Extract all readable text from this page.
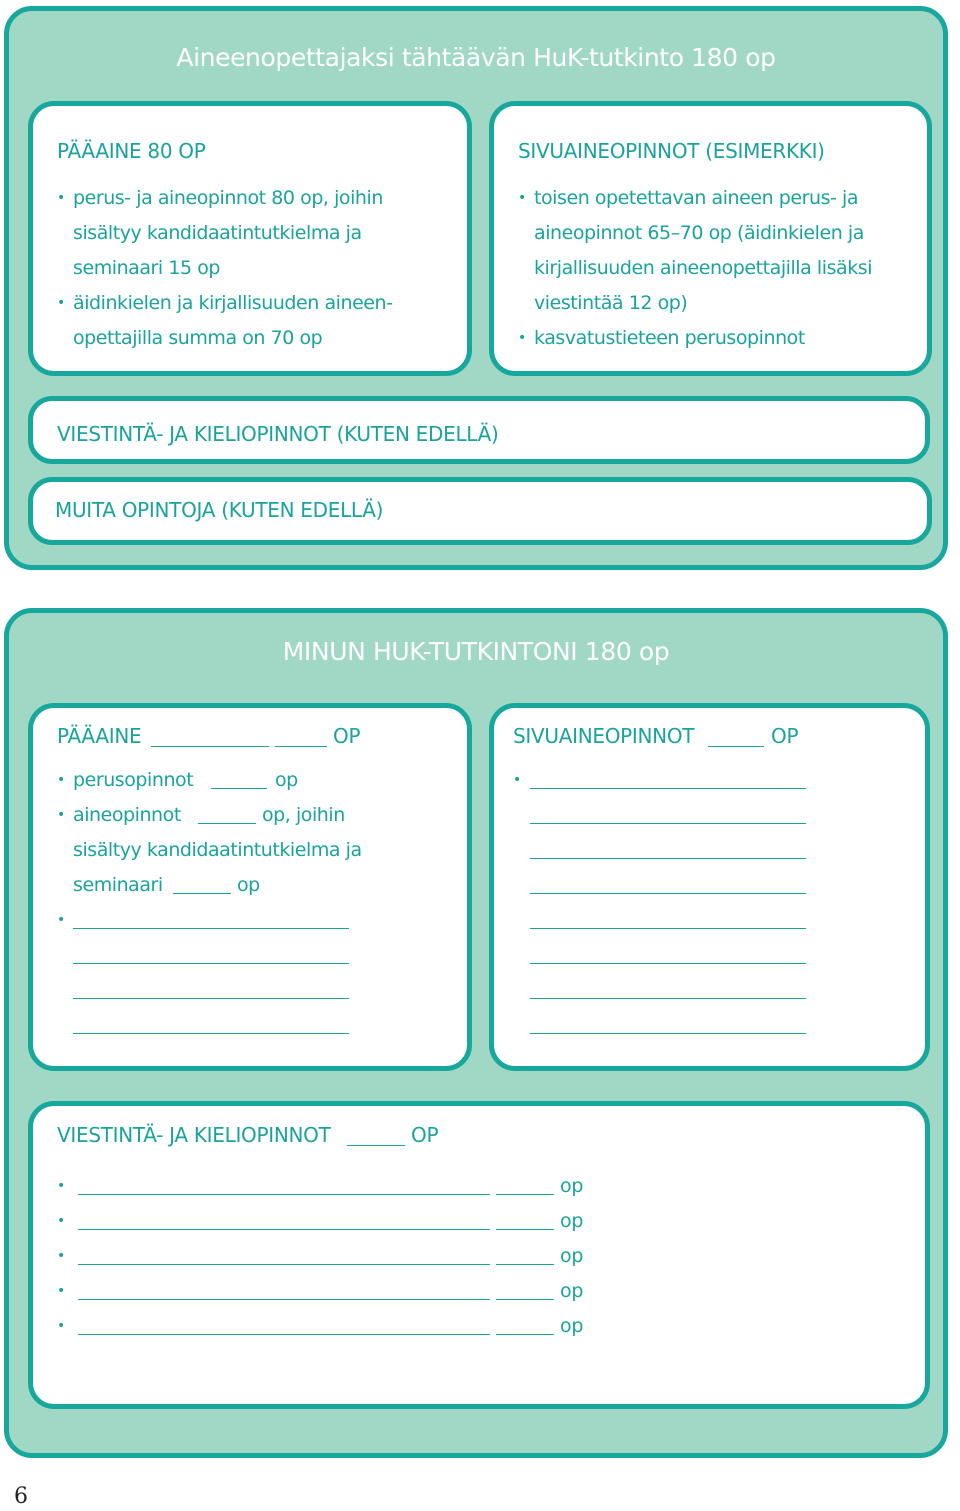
Aineenopettajaksi tähtäävän HuK-tutkinto 180 op
PÄÄAINE 80 OP
• perus- ja aineopinnot 80 op, joihin
sisältyy kandidaatintutkielma ja
seminaari 15 op
• äidinkielen ja kirjallisuuden aineen-
opettajilla summa on 70 op
SIVUAINEOPINNOT (ESIMERKKI)
• toisen opetettavan aineen perus- ja
aineopinnot 65–70 op (äidinkielen ja
kirjallisuuden aineenopettajilla lisäksi
viestintää 12 op)
• kasvatustieteen perusopinnot
VIESTINTÄ- JA KIELIOPINNOT (KUTEN EDELLÄ)
MUITA OPINTOJA (KUTEN EDELLÄ)
MINUN HUK-TUTKINTONI 180 op
PÄÄAINE	OP
• perusopinnot	op
• aineopinnot	op, joihin
sisältyy kandidaatintutkielma ja
seminaari	op
•
SIVUAINEOPINNOT	OP
•
VIESTINTÄ- JA KIELIOPINNOT	OP
•	op
•	op
•	op
•	op
•	op
6
